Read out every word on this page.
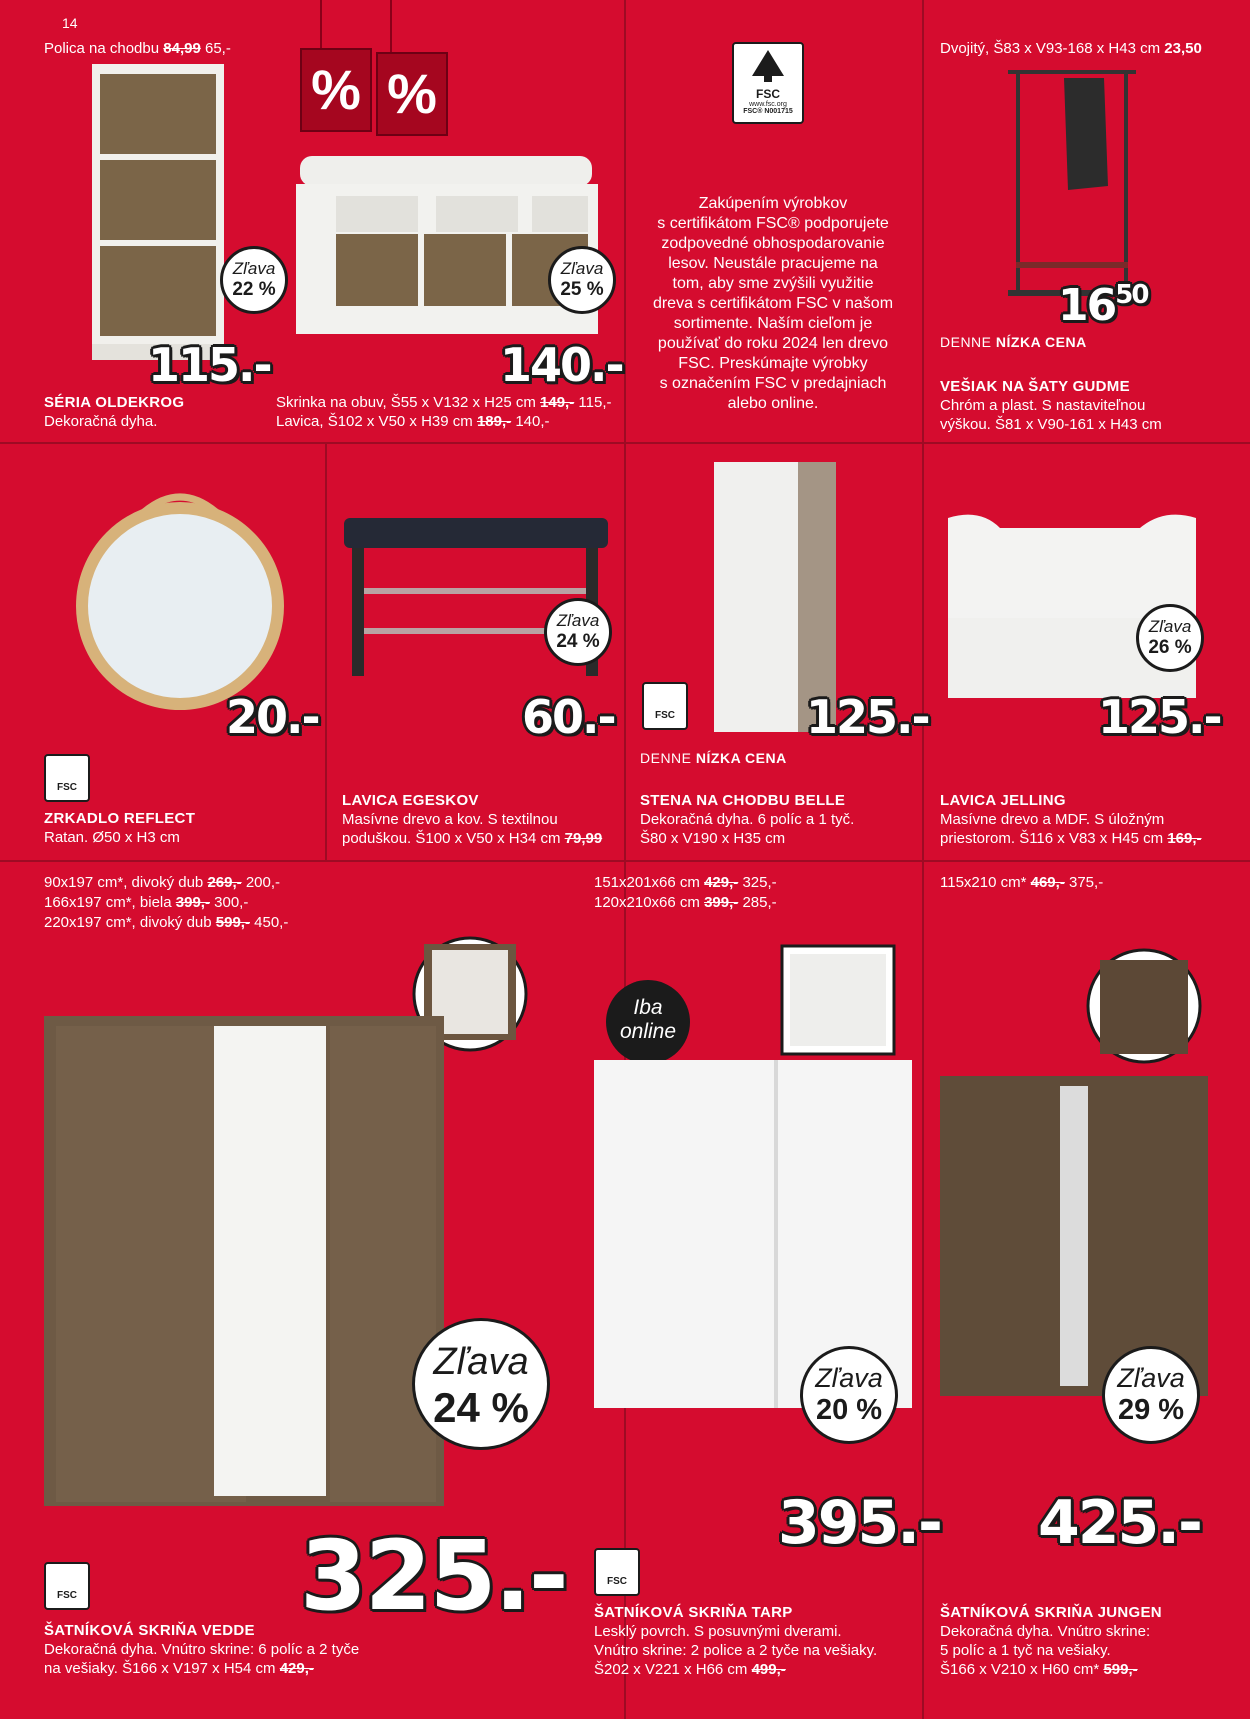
14
Polica na chodbu 84,99 65,-
% %
Zľava
22 %
115.-
SÉRIA OLDEKROG
Dekoračná dyha.
Zľava
25 %
140.-
Skrinka na obuv, Š55 x V132 x H25 cm 149,- 115,-
Lavica, Š102 x V50 x H39 cm 189,- 140,-
FSC
www.fsc.org
FSC® N001715
Zakúpením výrobkov
s certifikátom FSC® podporujete
zodpovedné obhospodarovanie
lesov. Neustále pracujeme na
tom, aby sme zvýšili využitie
dreva s certifikátom FSC v našom
sortimente. Naším cieľom je
používať do roku 2024 len drevo
FSC. Preskúmajte výrobky
s označením FSC v predajniach
alebo online.
Dvojitý, Š83 x V93-168 x H43 cm 23,50
$16^{50}$
DENNE NÍZKA CENA
VEŠIAK NA ŠATY GUDME
Chróm a plast. S nastaviteľnou
výškou. Š81 x V90-161 x H43 cm
20.-
FSC
ZRKADLO REFLECT
Ratan. Ø50 x H3 cm
Zľava
24 %
60.-
LAVICA EGESKOV
Masívne drevo a kov. S textilnou
poduškou. Š100 x V50 x H34 cm 79,99
FSC	125.-
DENNE NÍZKA CENA
STENA NA CHODBU BELLE
Dekoračná dyha. 6 políc a 1 tyč.
Š80 x V190 x H35 cm
Zľava
26 %
125.-
LAVICA JELLING
Masívne drevo a MDF. S úložným
priestorom. Š116 x V83 x H45 cm 169,-
90x197 cm*, divoký dub 269,- 200,-
166x197 cm*, biela 399,- 300,-
220x197 cm*, divoký dub 599,- 450,-
Zľava
24 %
325.-
FSC
ŠATNÍKOVÁ SKRIŇA VEDDE
Dekoračná dyha. Vnútro skrine: 6 políc a 2 tyče
na vešiaky. Š166 x V197 x H54 cm 429,-
151x201x66 cm 429,- 325,-
120x210x66 cm 399,- 285,-
Iba
online
Zľava
20 %
395.-
FSC
ŠATNÍKOVÁ SKRIŇA TARP
Lesklý povrch. S posuvnými dverami.
Vnútro skrine: 2 police a 2 tyče na vešiaky.
Š202 x V221 x H66 cm 499,-
115x210 cm* 469,- 375,-
Zľava
29 %
425.-
ŠATNÍKOVÁ SKRIŇA JUNGEN
Dekoračná dyha. Vnútro skrine:
5 políc a 1 tyč na vešiaky.
Š166 x V210 x H60 cm* 599,-
